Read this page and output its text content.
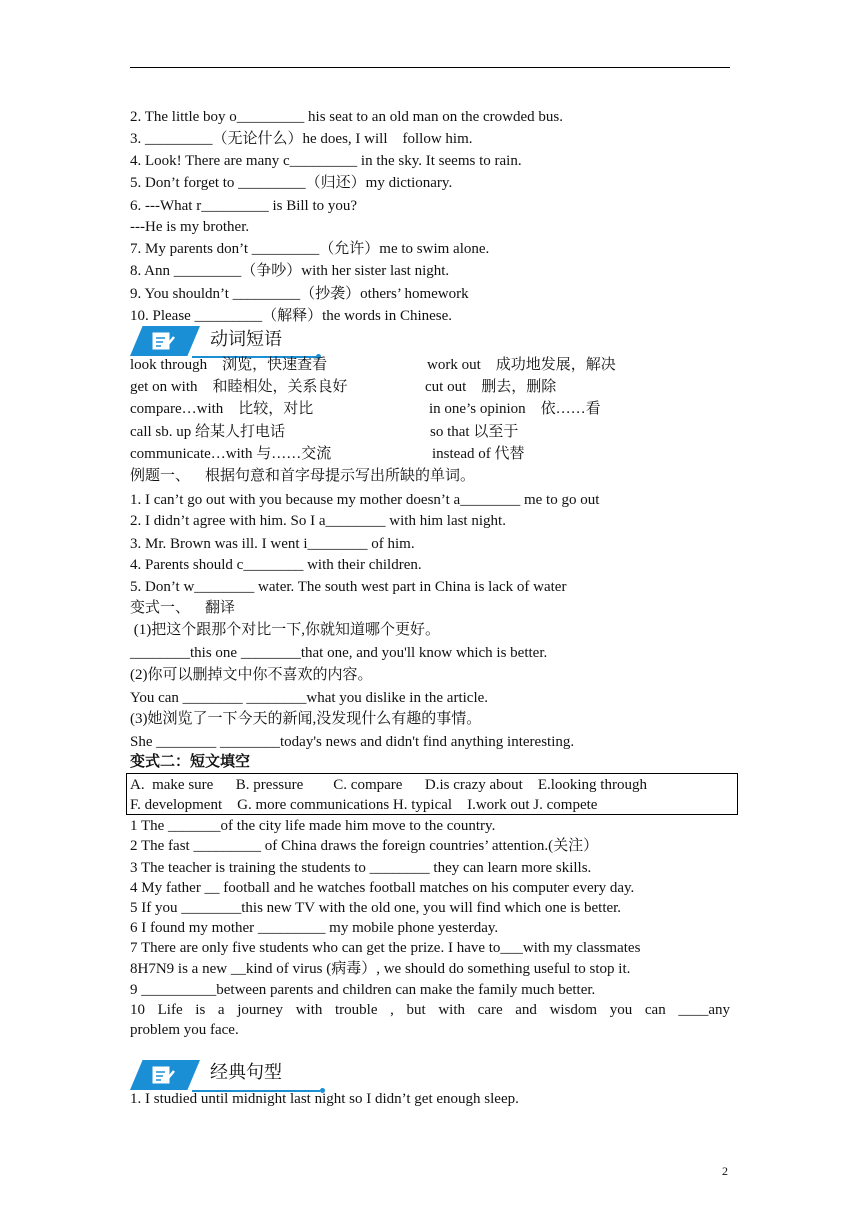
2. The little boy o_________ his seat to an old man on the crowded bus.
3. _________（无论什么）he does, I will    follow him.
4. Look! There are many c_________ in the sky. It seems to rain.
5. Don’t forget to _________（归还）my dictionary.
6. ---What r_________ is Bill to you?
---He is my brother.
7. My parents don’t _________（允许）me to swim alone.
8. Ann _________（争吵）with her sister last night.
9. You shouldn’t _________（抄袭）others’ homework
10. Please _________（解释）the words in Chinese.
动词短语
look through    浏览，快速查看
get on with    和睦相处，关系良好
compare…with    比较，对比
call sb. up 给某人打电话
communicate…with 与……交流
work out    成功地发展，解决
cut out    删去，删除
in one’s opinion    依……看
so that 以至于
instead of 代替
例题一、    根据句意和首字母提示写出所缺的单词。
1. I can’t go out with you because my mother doesn’t a________ me to go out
2. I didn’t agree with him. So I a________ with him last night.
3. Mr. Brown was ill. I went i________ of him.
4. Parents should c________ with their children.
5. Don’t w________ water. The south west part in China is lack of water
变式一、    翻译
(1)把这个跟那个对比一下,你就知道哪个更好。
________this one ________that one, and you'll know which is better.
(2)你可以删掉文中你不喜欢的内容。
You can ________ ________what you dislike in the article.
(3)她浏览了一下今天的新闻,没发现什么有趣的事情。
She ________ ________today's news and didn't find anything interesting.
变式二：短文填空
A.  make sure      B. pressure        C. compare      D.is crazy about    E.looking through
F. development    G. more communications H. typical    I.work out J. compete
1 The _______of the city life made him move to the country.
2 The fast _________ of China draws the foreign countries’ attention.(关注）
3 The teacher is training the students to ________ they can learn more skills.
4 My father __ football and he watches football matches on his computer every day.
5 If you ________this new TV with the old one, you will find which one is better.
6 I found my mother _________ my mobile phone yesterday.
7 There are only five students who can get the prize. I have to___with my classmates
8H7N9 is a new __kind of virus (病毒）, we should do something useful to stop it.
9 __________between parents and children can make the family much better.
10 Life is a journey with trouble , but with care and wisdom you can ____any
problem you face.
经典句型
1. I studied until midnight last night so I didn’t get enough sleep.
2
